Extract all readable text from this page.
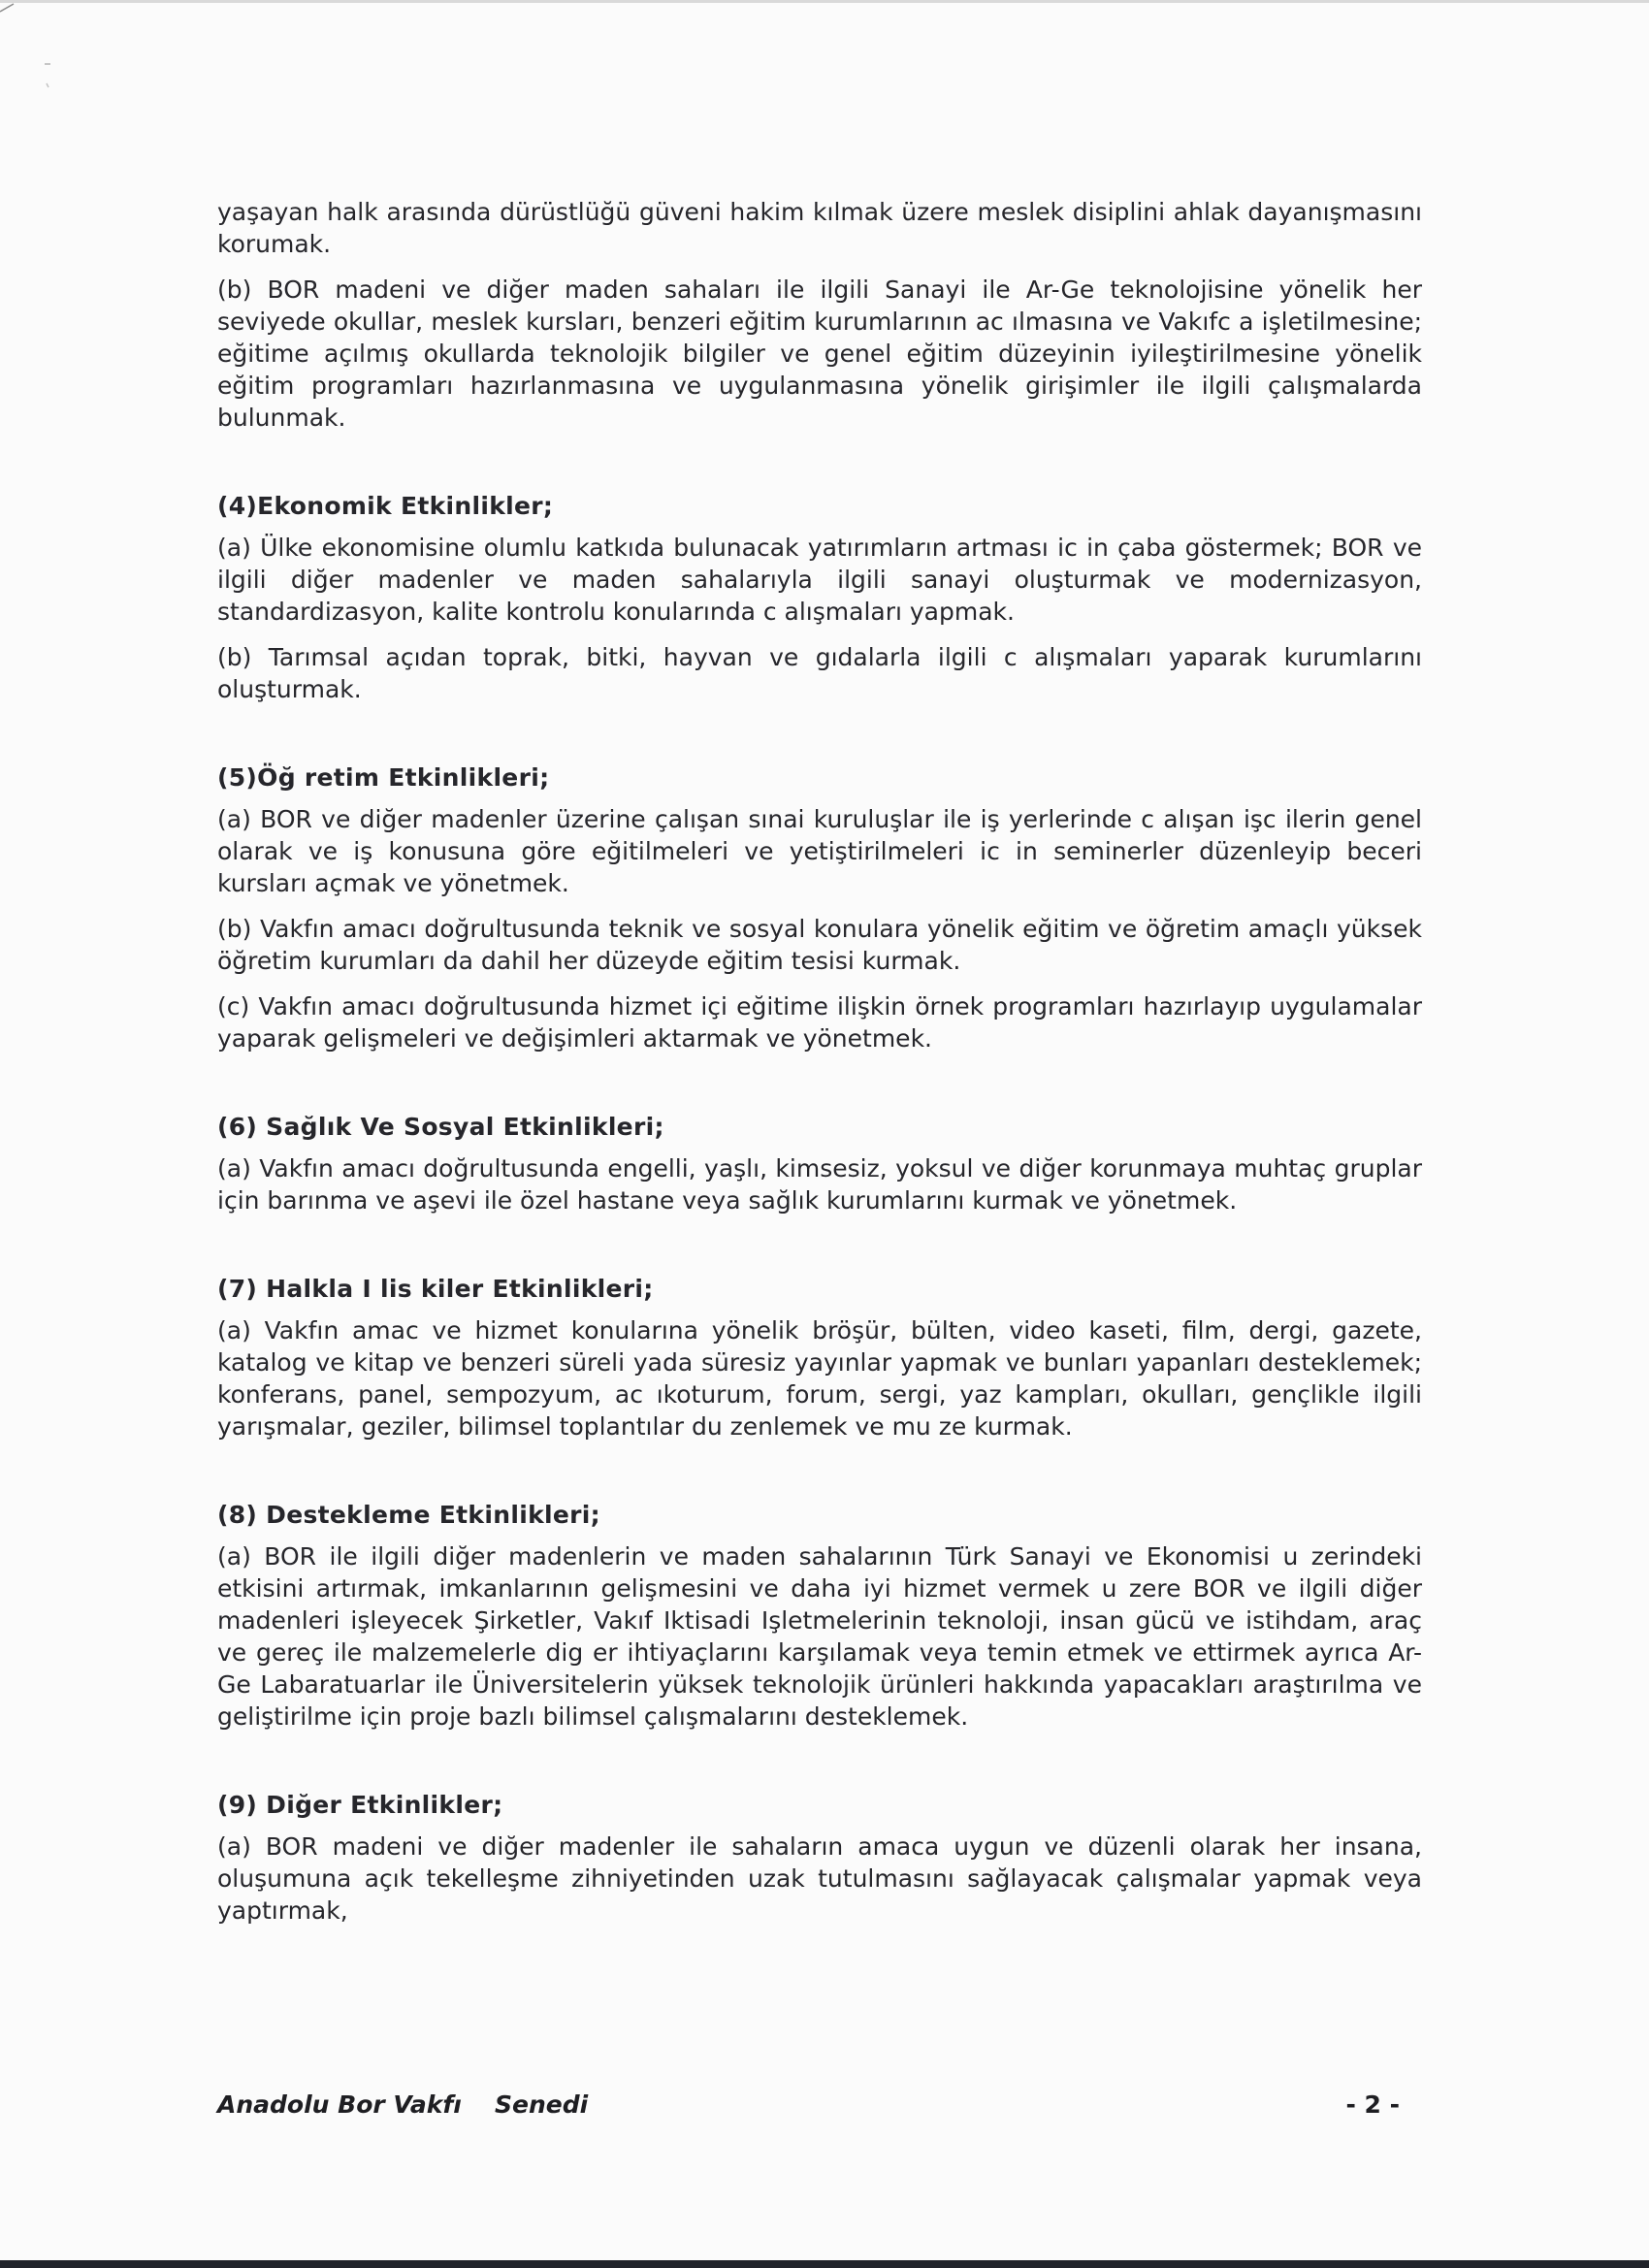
yaşayan halk arasında dürüstlüğü güveni hakim kılmak üzere meslek disiplini ahlak dayanışmasını korumak.

(b) BOR madeni ve diğer maden sahaları ile ilgili Sanayi ile Ar-Ge teknolojisine yönelik her seviyede okullar, meslek kursları, benzeri eğitim kurumlarının ac ılmasına ve Vakıfc a işletilmesine; eğitime açılmış okullarda teknolojik bilgiler ve genel eğitim düzeyinin iyileştirilmesine yönelik eğitim programları hazırlanmasına ve uygulanmasına yönelik girişimler ile ilgili çalışmalarda bulunmak.

(4)Ekonomik Etkinlikler;

(a) Ülke ekonomisine olumlu katkıda bulunacak yatırımların artması ic in çaba göstermek; BOR ve ilgili diğer madenler ve maden sahalarıyla ilgili sanayi oluşturmak ve modernizasyon, standardizasyon, kalite kontrolu konularında c alışmaları yapmak.

(b) Tarımsal açıdan toprak, bitki, hayvan ve gıdalarla ilgili c alışmaları yaparak kurumlarını oluşturmak.

(5)Öğ retim Etkinlikleri;

(a) BOR ve diğer madenler üzerine çalışan sınai kuruluşlar ile iş yerlerinde c alışan işc ilerin genel olarak ve iş konusuna göre eğitilmeleri ve yetiştirilmeleri ic in seminerler düzenleyip beceri kursları açmak ve yönetmek.

(b) Vakfın amacı doğrultusunda teknik ve sosyal konulara yönelik eğitim ve öğretim amaçlı yüksek öğretim kurumları da dahil her düzeyde eğitim tesisi kurmak.

(c) Vakfın amacı doğrultusunda hizmet içi eğitime ilişkin örnek programları hazırlayıp uygulamalar yaparak gelişmeleri ve değişimleri aktarmak ve yönetmek.

(6) Sağlık Ve Sosyal Etkinlikleri;

(a) Vakfın amacı doğrultusunda engelli, yaşlı, kimsesiz, yoksul ve diğer korunmaya muhtaç gruplar için barınma ve aşevi ile özel hastane veya sağlık kurumlarını kurmak ve yönetmek.

(7) Halkla I lis kiler Etkinlikleri;

(a) Vakfın amac ve hizmet konularına yönelik bröşür, bülten, video kaseti, film, dergi, gazete, katalog ve kitap ve benzeri süreli yada süresiz yayınlar yapmak ve bunları yapanları desteklemek; konferans, panel, sempozyum, ac ıkoturum, forum, sergi, yaz kampları, okulları, gençlikle ilgili yarışmalar, geziler, bilimsel toplantılar du zenlemek ve mu ze kurmak.

(8) Destekleme Etkinlikleri;

(a) BOR ile ilgili diğer madenlerin ve maden sahalarının Türk Sanayi ve Ekonomisi u zerindeki etkisini artırmak, imkanlarının gelişmesini ve daha iyi hizmet vermek u zere BOR ve ilgili diğer madenleri işleyecek Şirketler, Vakıf Iktisadi Işletmelerinin teknoloji, insan gücü ve istihdam, araç ve gereç ile malzemelerle dig er ihtiyaçlarını karşılamak veya temin etmek ve ettirmek ayrıca Ar-Ge Labaratuarlar ile Üniversitelerin yüksek teknolojik ürünleri hakkında yapacakları araştırılma ve geliştirilme için proje bazlı bilimsel çalışmalarını desteklemek.

(9) Diğer Etkinlikler;

(a) BOR madeni ve diğer madenler ile sahaların amaca uygun ve düzenli olarak her insana, oluşumuna açık tekelleşme zihniyetinden uzak tutulmasını sağlayacak çalışmalar yapmak veya yaptırmak,

Anadolu Bor Vakfı Senedi	- 2 -
